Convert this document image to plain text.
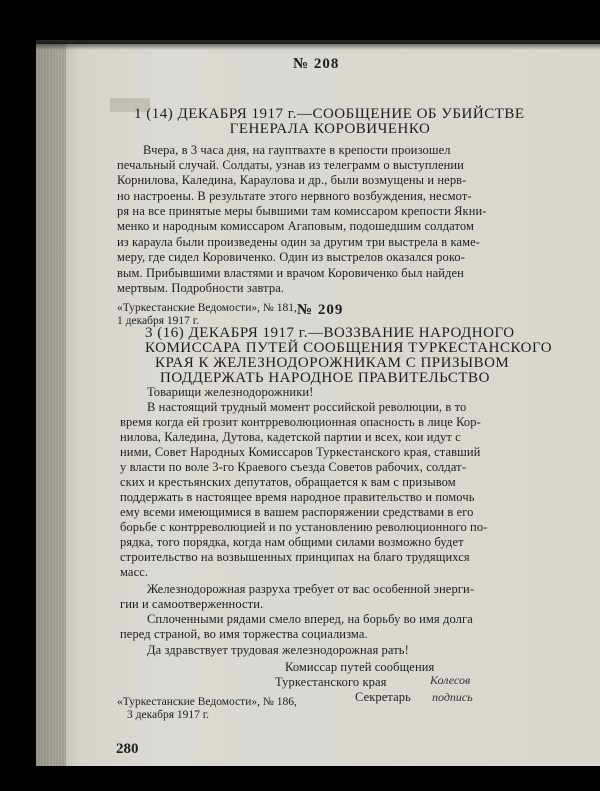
№ 208
1 (14) ДЕКАБРЯ 1917 г.—СООБЩЕНИЕ ОБ УБИЙСТВЕ
ГЕНЕРАЛА КОРОВИЧЕНКО
Вчера, в 3 часа дня, на гауптвахте в крепости произошел
печальный случай. Солдаты, узнав из телеграмм о выступлении
Корнилова, Каледина, Караулова и др., были возмущены и нерв-
но настроены. В результате этого нервного возбуждения, несмот-
ря на все принятые меры бывшими там комиссаром крепости Якни-
менко и народным комиссаром Агаповым, подошедшим солдатом
из караула были произведены один за другим три выстрела в каме-
меру, где сидел Коровиченко. Один из выстрелов оказался роко-
вым. Прибывшими властями и врачом Коровиченко был найден
мертвым. Подробности завтра.
«Туркестанские Ведомости», № 181,
1 декабря 1917 г.
№ 209
3 (16) ДЕКАБРЯ 1917 г.—ВОЗЗВАНИЕ НАРОДНОГО
КОМИССАРА ПУТЕЙ СООБЩЕНИЯ ТУРКЕСТАНСКОГО
КРАЯ К ЖЕЛЕЗНОДОРОЖНИКАМ С ПРИЗЫВОМ
ПОДДЕРЖАТЬ НАРОДНОЕ ПРАВИТЕЛЬСТВО
Товарищи железнодорожники!
В настоящий трудный момент российской революции, в то
время когда ей грозит контрреволюционная опасность в лице Кор-
нилова, Каледина, Дутова, кадетской партии и всех, кои идут с
ними, Совет Народных Комиссаров Туркестанского края, ставший
у власти по воле 3-го Краевого съезда Советов рабочих, солдат-
ских и крестьянских депутатов, обращается к вам с призывом
поддержать в настоящее время народное правительство и помочь
ему всеми имеющимися в вашем распоряжении средствами в его
борьбе с контрреволюцией и по установлению революционного по-
рядка, того порядка, когда нам общими силами возможно будет
строительство на возвышенных принципах на благо трудящихся
масс.
Железнодорожная разруха требует от вас особенной энерги-
гии и самоотверженности.
Сплоченными рядами смело вперед, на борьбу во имя долга
перед страной, во имя торжества социализма.
Да здравствует трудовая железнодорожная рать!
Комиссар путей сообщения
Туркестанского края	Колесов
Секретарь подпись
«Туркестанские Ведомости», № 186,
3 декабря 1917 г.
280
